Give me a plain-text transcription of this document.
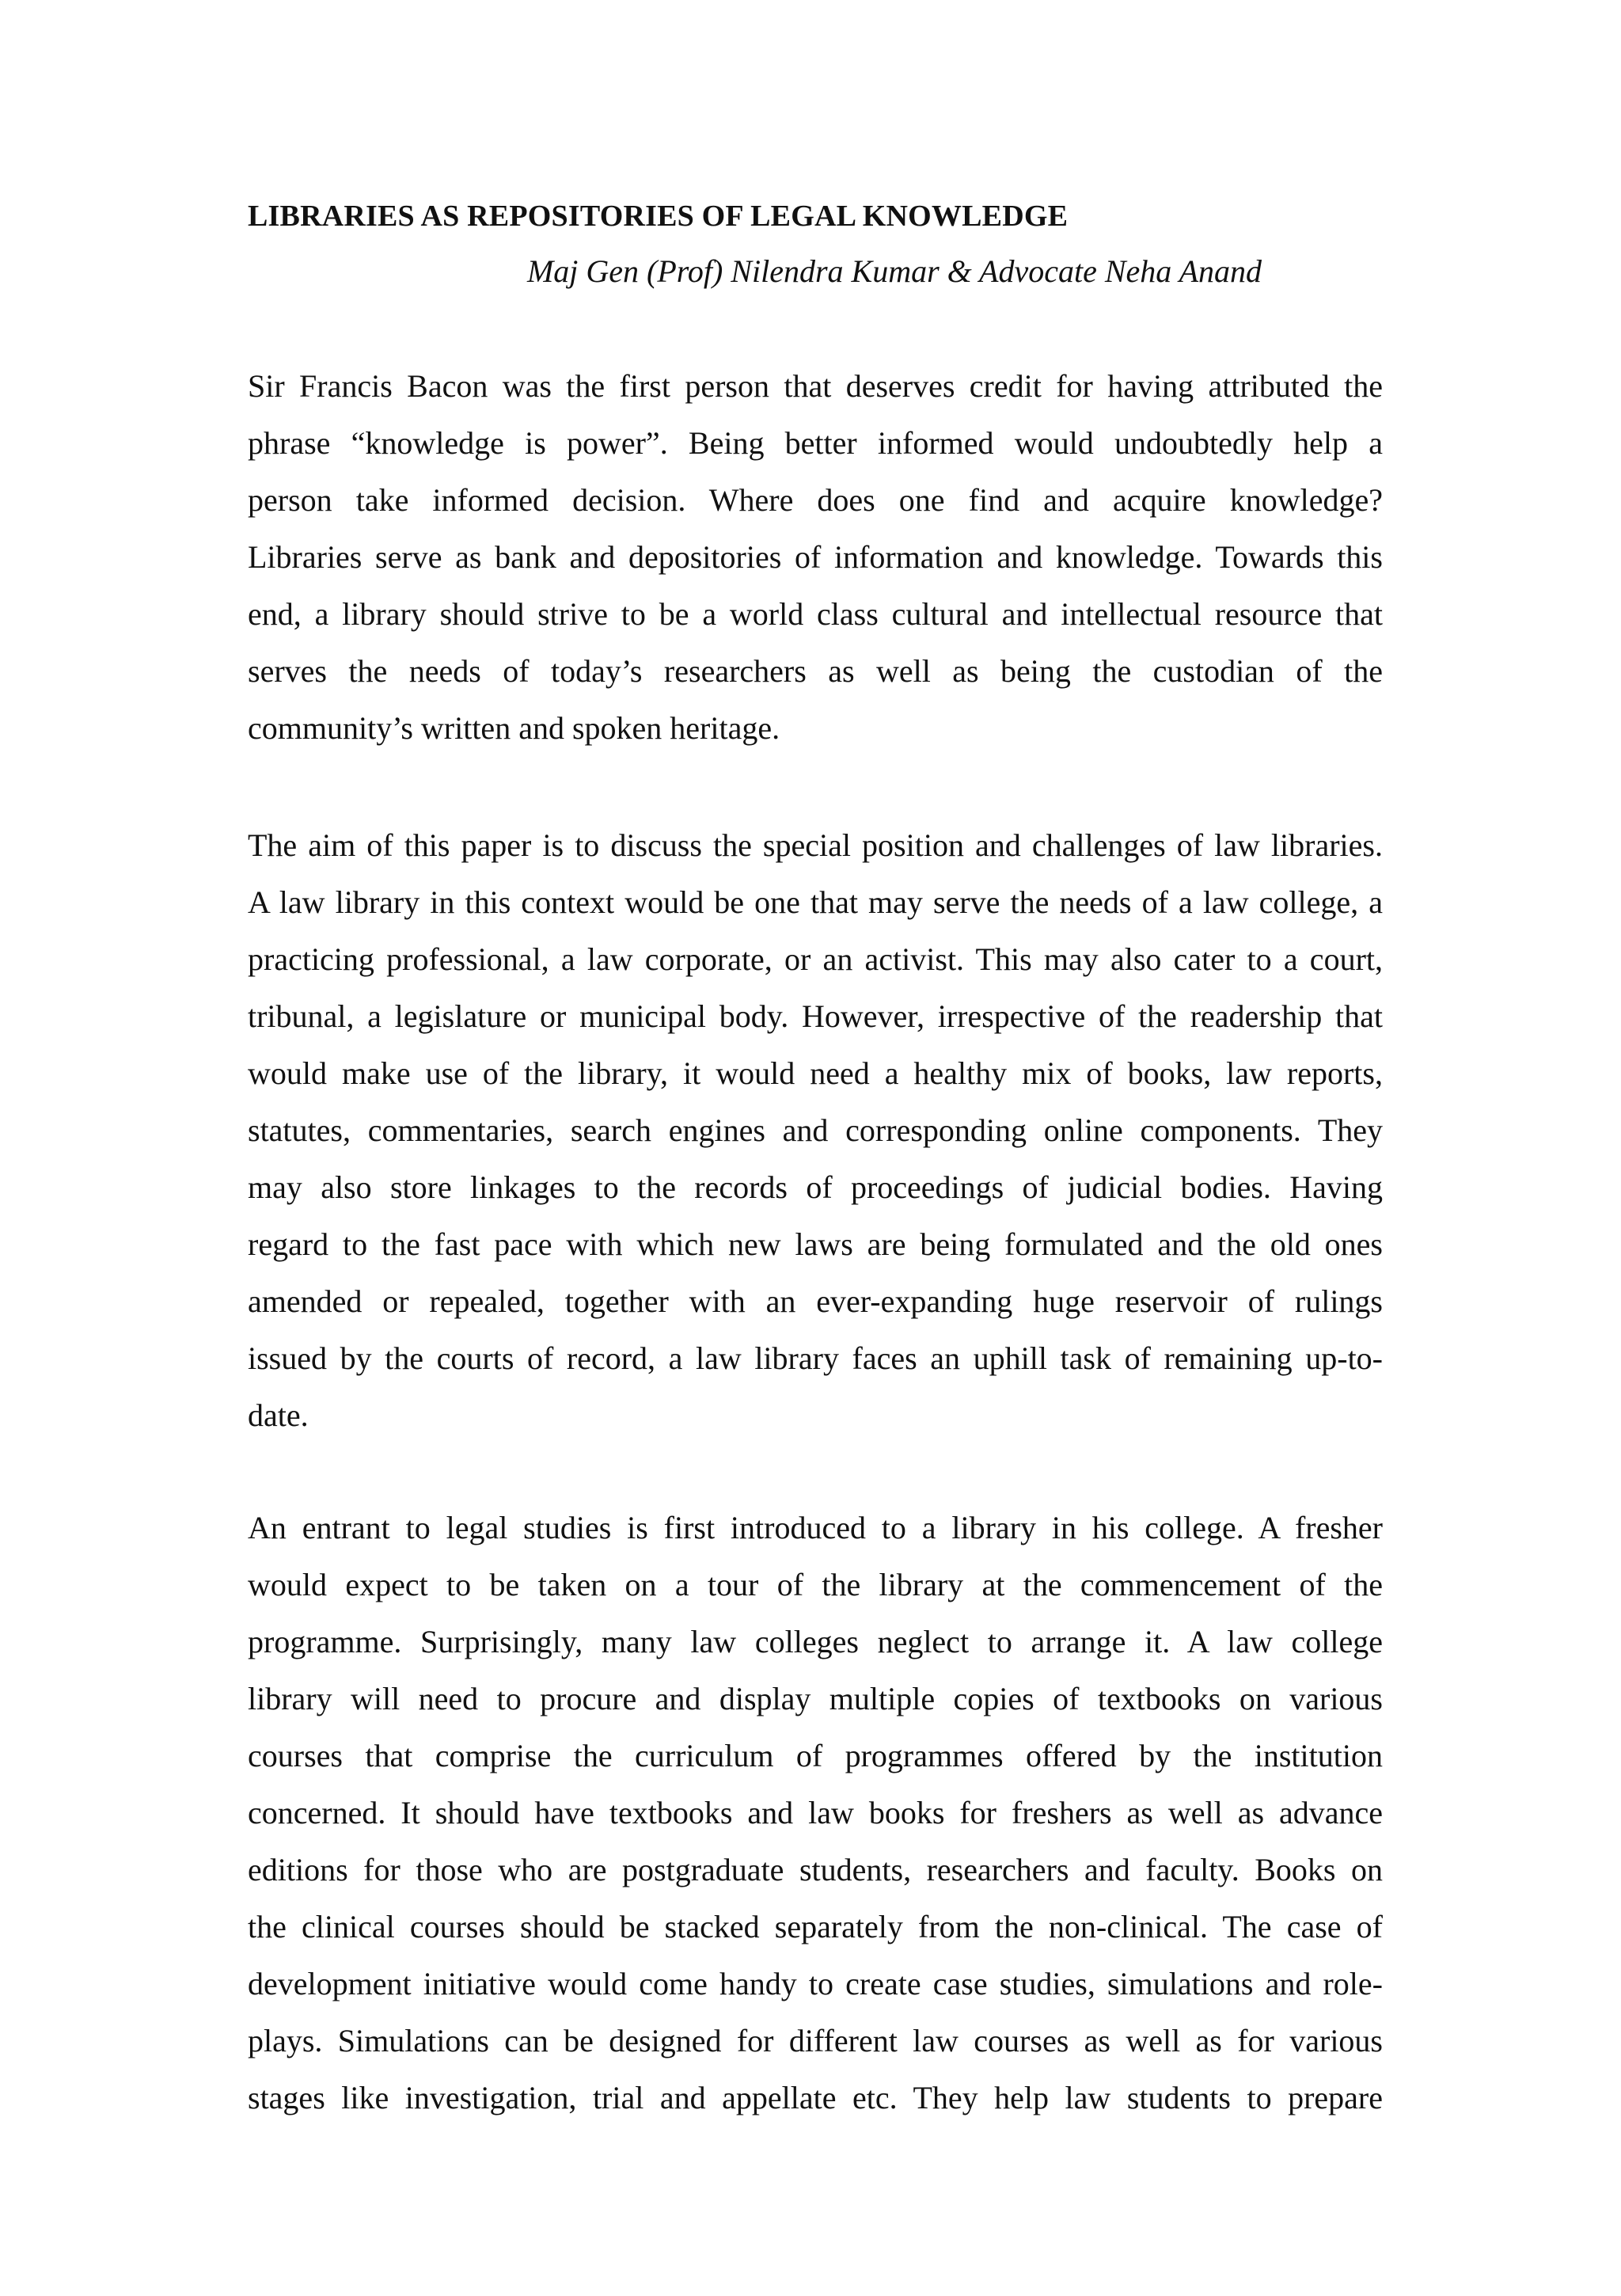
LIBRARIES AS REPOSITORIES OF LEGAL KNOWLEDGE

Maj Gen (Prof) Nilendra Kumar & Advocate Neha Anand

Sir Francis Bacon was the first person that deserves credit for having attributed the
phrase “knowledge is power”. Being better informed would undoubtedly help a
person take informed decision. Where does one find and acquire knowledge?
Libraries serve as bank and depositories of information and knowledge. Towards this
end, a library should strive to be a world class cultural and intellectual resource that
serves the needs of today’s researchers as well as being the custodian of the
community’s written and spoken heritage.
The aim of this paper is to discuss the special position and challenges of law libraries.
A law library in this context would be one that may serve the needs of a law college, a
practicing professional, a law corporate, or an activist. This may also cater to a court,
tribunal, a legislature or municipal body. However, irrespective of the readership that
would make use of the library, it would need a healthy mix of books, law reports,
statutes, commentaries, search engines and corresponding online components. They
may also store linkages to the records of proceedings of judicial bodies. Having
regard to the fast pace with which new laws are being formulated and the old ones
amended or repealed, together with an ever-expanding huge reservoir of rulings
issued by the courts of record, a law library faces an uphill task of remaining up-to-
date.
An entrant to legal studies is first introduced to a library in his college. A fresher
would expect to be taken on a tour of the library at the commencement of the
programme. Surprisingly, many law colleges neglect to arrange it. A law college
library will need to procure and display multiple copies of textbooks on various
courses that comprise the curriculum of programmes offered by the institution
concerned. It should have textbooks and law books for freshers as well as advance
editions for those who are postgraduate students, researchers and faculty. Books on
the clinical courses should be stacked separately from the non-clinical. The case of
development initiative would come handy to create case studies, simulations and role-
plays. Simulations can be designed for different law courses as well as for various
stages like investigation, trial and appellate etc. They help law students to prepare
